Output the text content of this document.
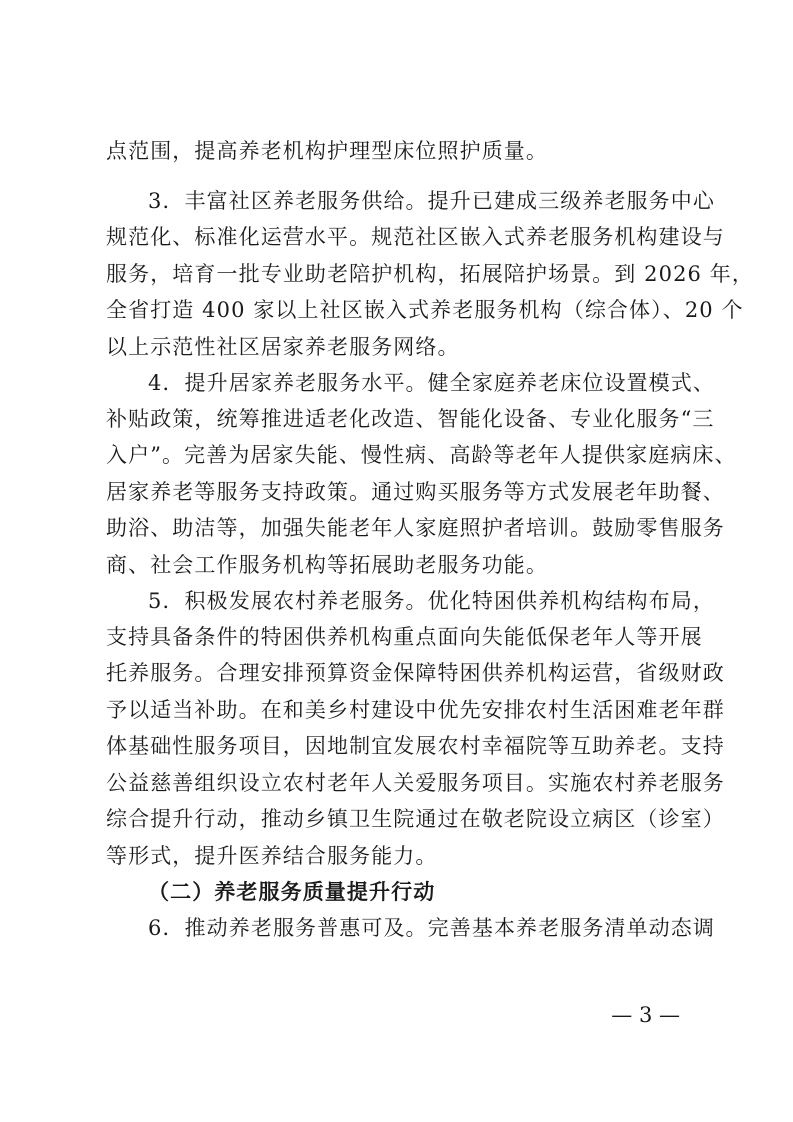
点范围，提高养老机构护理型床位照护质量。
3．丰富社区养老服务供给。提升已建成三级养老服务中心
规范化、标准化运营水平。规范社区嵌入式养老服务机构建设与
服务，培育一批专业助老陪护机构，拓展陪护场景。到 2026 年，
全省打造 400 家以上社区嵌入式养老服务机构（综合体）、20 个
以上示范性社区居家养老服务网络。
4．提升居家养老服务水平。健全家庭养老床位设置模式、
补贴政策，统筹推进适老化改造、智能化设备、专业化服务“三
入户”。完善为居家失能、慢性病、高龄等老年人提供家庭病床、
居家养老等服务支持政策。通过购买服务等方式发展老年助餐、
助浴、助洁等，加强失能老年人家庭照护者培训。鼓励零售服务
商、社会工作服务机构等拓展助老服务功能。
5．积极发展农村养老服务。优化特困供养机构结构布局，
支持具备条件的特困供养机构重点面向失能低保老年人等开展
托养服务。合理安排预算资金保障特困供养机构运营，省级财政
予以适当补助。在和美乡村建设中优先安排农村生活困难老年群
体基础性服务项目，因地制宜发展农村幸福院等互助养老。支持
公益慈善组织设立农村老年人关爱服务项目。实施农村养老服务
综合提升行动，推动乡镇卫生院通过在敬老院设立病区（诊室）
等形式，提升医养结合服务能力。
（二）养老服务质量提升行动
6．推动养老服务普惠可及。完善基本养老服务清单动态调
— 3 —
